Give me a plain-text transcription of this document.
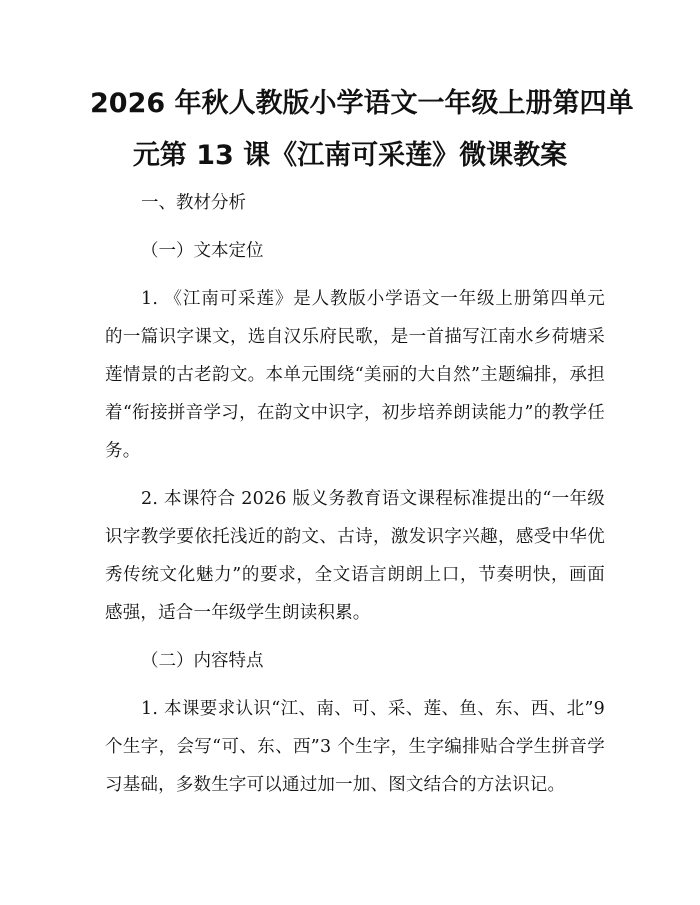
2026 年秋人教版小学语文一年级上册第四单
元第 13 课《江南可采莲》微课教案

一、教材分析

（一）文本定位

1. 《江南可采莲》是人教版小学语文一年级上册第四单元的一篇识字课文，选自汉乐府民歌，是一首描写江南水乡荷塘采莲情景的古老韵文。本单元围绕“美丽的大自然”主题编排，承担着“衔接拼音学习，在韵文中识字，初步培养朗读能力”的教学任务。

2. 本课符合 2026 版义务教育语文课程标准提出的“一年级识字教学要依托浅近的韵文、古诗，激发识字兴趣，感受中华优秀传统文化魅力”的要求，全文语言朗朗上口，节奏明快，画面感强，适合一年级学生朗读积累。

（二）内容特点

1. 本课要求认识“江、南、可、采、莲、鱼、东、西、北”9 个生字，会写“可、东、西”3 个生字，生字编排贴合学生拼音学习基础，多数生字可以通过加一加、图文结合的方法识记。
